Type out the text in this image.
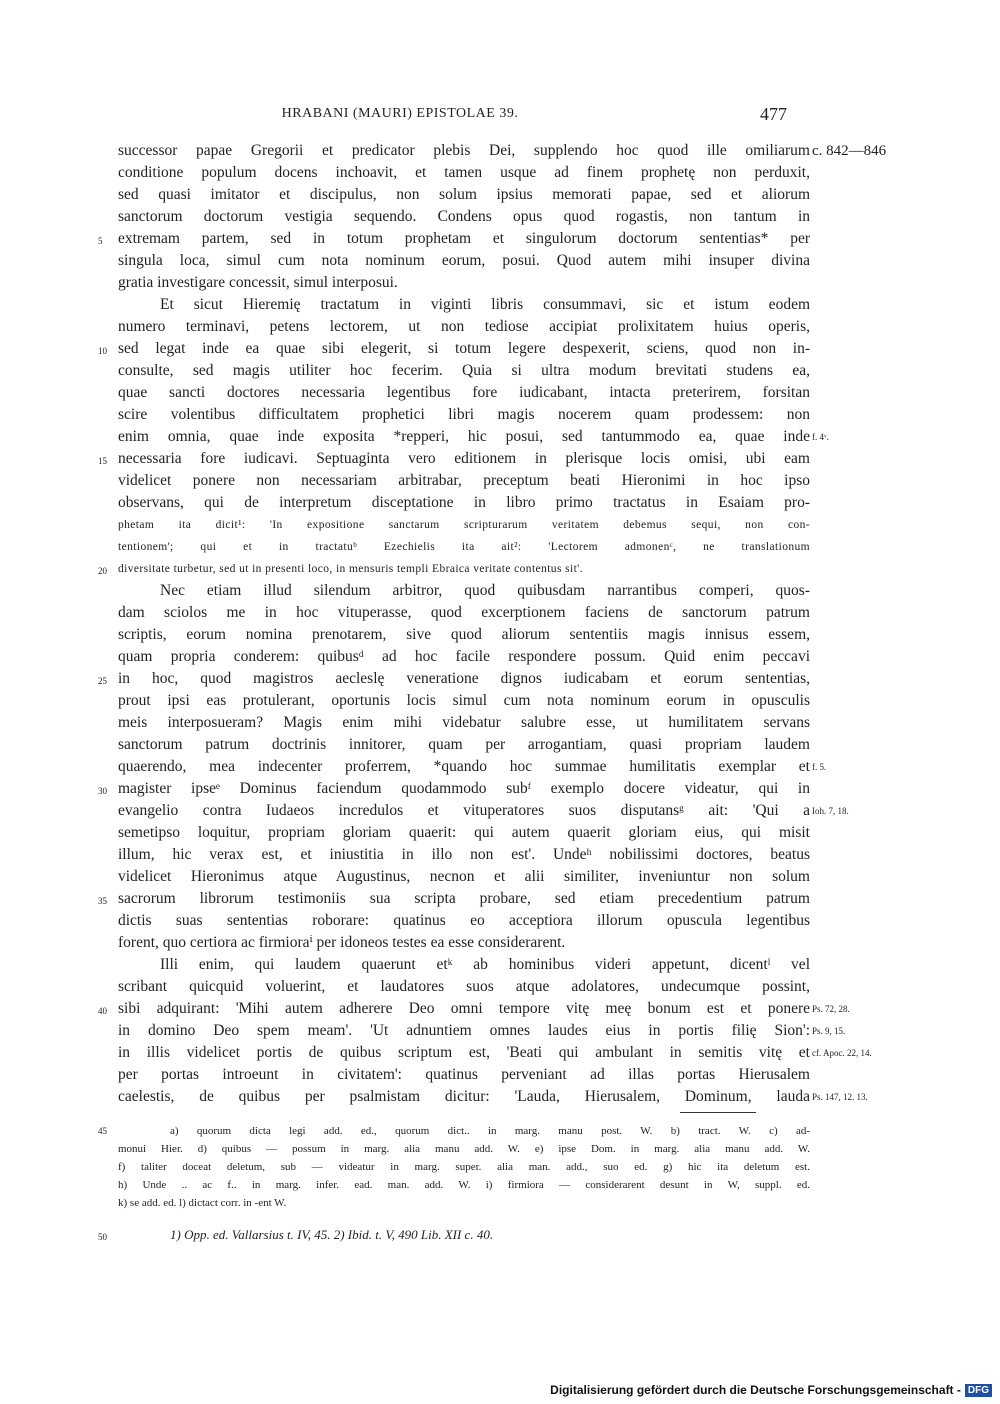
HRABANI (MAURI) EPISTOLAE 39.	477
successor papae Gregorii et predicator plebis Dei, supplendo hoc quod ille omiliarum
conditione populum docens inchoavit, et tamen usque ad finem prophetę non perduxit,
sed quasi imitator et discipulus, non solum ipsius memorati papae, sed et aliorum
sanctorum doctorum vestigia sequendo. Condens opus quod rogastis, non tantum in
extremam partem, sed in totum prophetam et singulorum doctorum sententias* per
singula loca, simul cum nota nominum eorum, posui. Quod autem mihi insuper divina
gratia investigare concessit, simul interposui.
Et sicut Hieremię tractatum in viginti libris consummavi, sic et istum eodem
numero terminavi, petens lectorem, ut non tediose accipiat prolixitatem huius operis,
sed legat inde ea quae sibi elegerit, si totum legere despexerit, sciens, quod non in-
consulte, sed magis utiliter hoc fecerim. Quia si ultra modum brevitati studens ea,
quae sancti doctores necessaria legentibus fore iudicabant, intacta preterirem, forsitan
scire volentibus difficultatem prophetici libri magis nocerem quam prodessem: non
enim omnia, quae inde exposita *repperi, hic posui, sed tantummodo ea, quae inde
necessaria fore iudicavi. Septuaginta vero editionem in plerisque locis omisi, ubi eam
videlicet ponere non necessariam arbitrabar, preceptum beati Hieronimi in hoc ipso
observans, qui de interpretum disceptatione in libro primo tractatus in Esaiam pro-
phetam ita dicit¹: 'In expositione sanctarum scripturarum veritatem debemus sequi, non con-
tentionem'; qui et in tractatuᵇ Ezechielis ita ait²: 'Lectorem admonenᶜ, ne translationum
diversitate turbetur, sed ut in presenti loco, in mensuris templi Ebraica veritate contentus sit'.
Nec etiam illud silendum arbitror, quod quibusdam narrantibus comperi, quos-
dam sciolos me in hoc vituperasse, quod excerptionem faciens de sanctorum patrum
scriptis, eorum nomina prenotarem, sive quod aliorum sententiis magis innisus essem,
quam propria conderem: quibusᵈ ad hoc facile respondere possum. Quid enim peccavi
in hoc, quod magistros aecleslę veneratione dignos iudicabam et eorum sententias,
prout ipsi eas protulerant, oportunis locis simul cum nota nominum eorum in opusculis
meis interposueram? Magis enim mihi videbatur salubre esse, ut humilitatem servans
sanctorum patrum doctrinis innitorer, quam per arrogantiam, quasi propriam laudem
quaerendo, mea indecenter proferrem, *quando hoc summae humilitatis exemplar et
magister ipseᵉ Dominus faciendum quodammodo subᶠ exemplo docere videatur, qui in
evangelio contra Iudaeos incredulos et vituperatores suos disputansᵍ ait: 'Qui a
semetipso loquitur, propriam gloriam quaerit: qui autem quaerit gloriam eius, qui misit
illum, hic verax est, et iniustitia in illo non est'. Undeʰ nobilissimi doctores, beatus
videlicet Hieronimus atque Augustinus, necnon et alii similiter, inveniuntur non solum
sacrorum librorum testimoniis sua scripta probare, sed etiam precedentium patrum
dictis suas sententias roborare: quatinus eo acceptiora illorum opuscula legentibus
forent, quo certiora ac firmioraⁱ per idoneos testes ea esse considerarent.
Illi enim, qui laudem quaerunt etᵏ ab hominibus videri appetunt, dicentˡ vel
scribant quicquid voluerint, et laudatores suos atque adolatores, undecumque possint,
sibi adquirant: 'Mihi autem adherere Deo omni tempore vitę meę bonum est et ponere
in domino Deo spem meam'. 'Ut adnuntiem omnes laudes eius in portis filię Sion':
in illis videlicet portis de quibus scriptum est, 'Beati qui ambulant in semitis vitę et
per portas introeunt in civitatem': quatinus perveniant ad illas portas Hierusalem
caelestis, de quibus per psalmistam dicitur: 'Lauda, Hierusalem, Dominum, lauda
5
10
15
20
25
30
35
40
c. 842—846
f. 4ᵛ.
f. 5.
Ioh. 7, 18.
Ps. 72, 28.
Ps. 9, 15.
cf. Apoc. 22, 14.
Ps. 147, 12. 13.
45	a) quorum dicta legi add. ed., quorum dict.. in marg. manu post. W. b) tract. W. c) ad-
monui Hier. d) quibus — possum in marg. alia manu add. W. e) ipse Dom. in marg. alia manu add. W.
f) taliter doceat deletum, sub — videatur in marg. super. alia man. add., suo ed. g) hic ita deletum est.
h) Unde .. ac f.. in marg. infer. ead. man. add. W. i) firmiora — considerarent desunt in W, suppl. ed.
k) se add. ed. l) dictact corr. in -ent W.
50	1) Opp. ed. Vallarsius t. IV, 45. 2) Ibid. t. V, 490 Lib. XII c. 40.
Digitalisierung gefördert durch die Deutsche Forschungsgemeinschaft - DFG
